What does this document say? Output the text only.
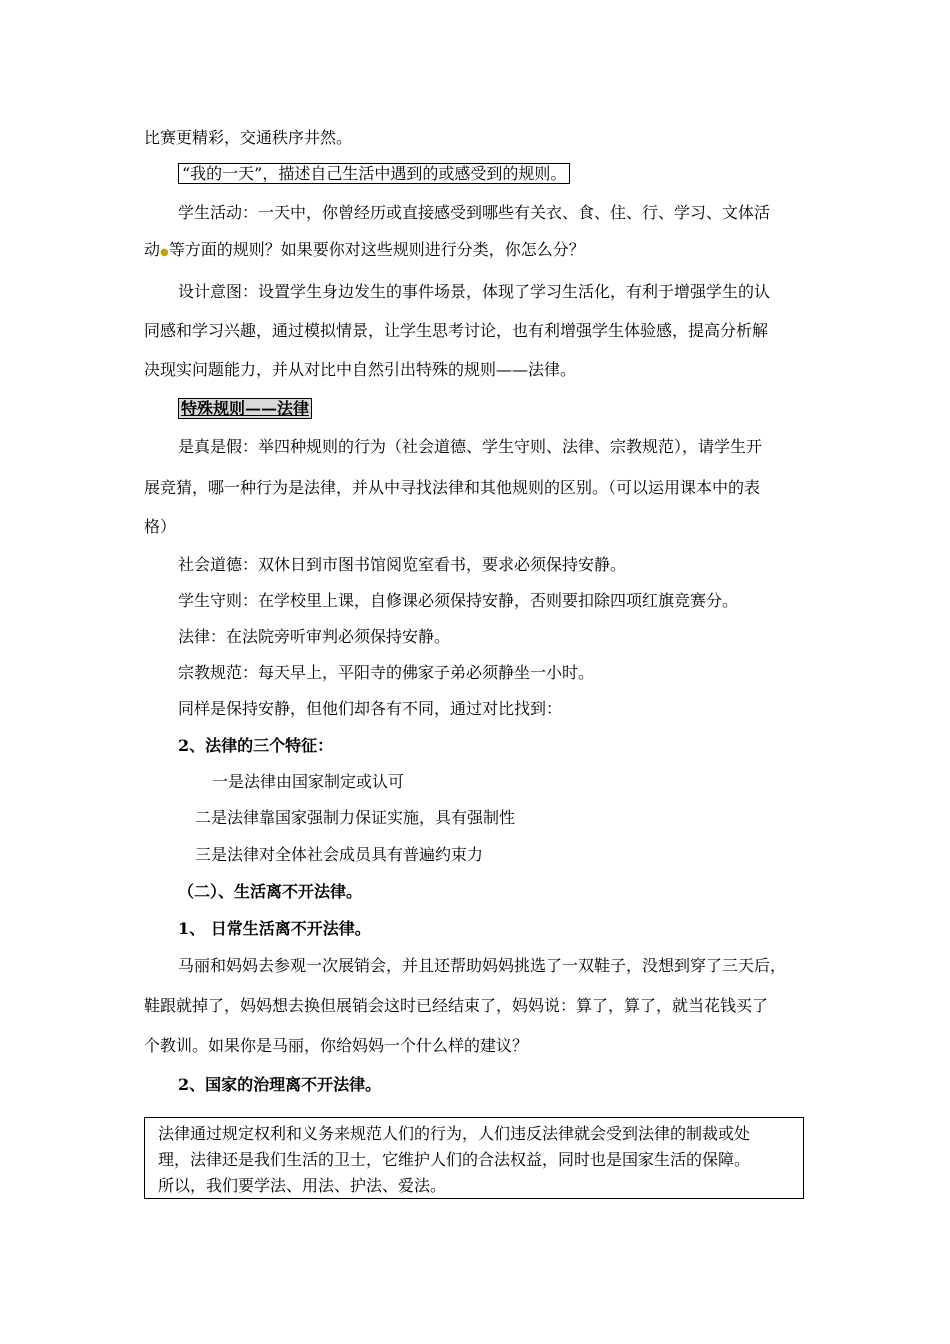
比赛更精彩，交通秩序井然。
“我的一天”，描述自己生活中遇到的或感受到的规则。
学生活动：一天中，你曾经历或直接感受到哪些有关衣、食、住、行、学习、文体活
动●等方面的规则？如果要你对这些规则进行分类，你怎么分？
设计意图：设置学生身边发生的事件场景，体现了学习生活化，有利于增强学生的认
同感和学习兴趣，通过模拟情景，让学生思考讨论，也有利增强学生体验感，提高分析解
决现实问题能力，并从对比中自然引出特殊的规则——法律。
特殊规则——法律
是真是假：举四种规则的行为（社会道德、学生守则、法律、宗教规范），请学生开
展竞猜，哪一种行为是法律，并从中寻找法律和其他规则的区别。（可以运用课本中的表
格）
社会道德：双休日到市图书馆阅览室看书，要求必须保持安静。
学生守则：在学校里上课，自修课必须保持安静，否则要扣除四项红旗竞赛分。
法律：在法院旁听审判必须保持安静。
宗教规范：每天早上，平阳寺的佛家子弟必须静坐一小时。
同样是保持安静，但他们却各有不同，通过对比找到：
2、法律的三个特征：
一是法律由国家制定或认可
二是法律靠国家强制力保证实施，具有强制性
三是法律对全体社会成员具有普遍约束力
（二）、生活离不开法律。
1、 日常生活离不开法律。
马丽和妈妈去参观一次展销会，并且还帮助妈妈挑选了一双鞋子，没想到穿了三天后，
鞋跟就掉了，妈妈想去换但展销会这时已经结束了，妈妈说：算了，算了，就当花钱买了
个教训。如果你是马丽，你给妈妈一个什么样的建议？
2、国家的治理离不开法律。
法律通过规定权利和义务来规范人们的行为，人们违反法律就会受到法律的制裁或处
理，法律还是我们生活的卫士，它维护人们的合法权益，同时也是国家生活的保障。
所以，我们要学法、用法、护法、爱法。
